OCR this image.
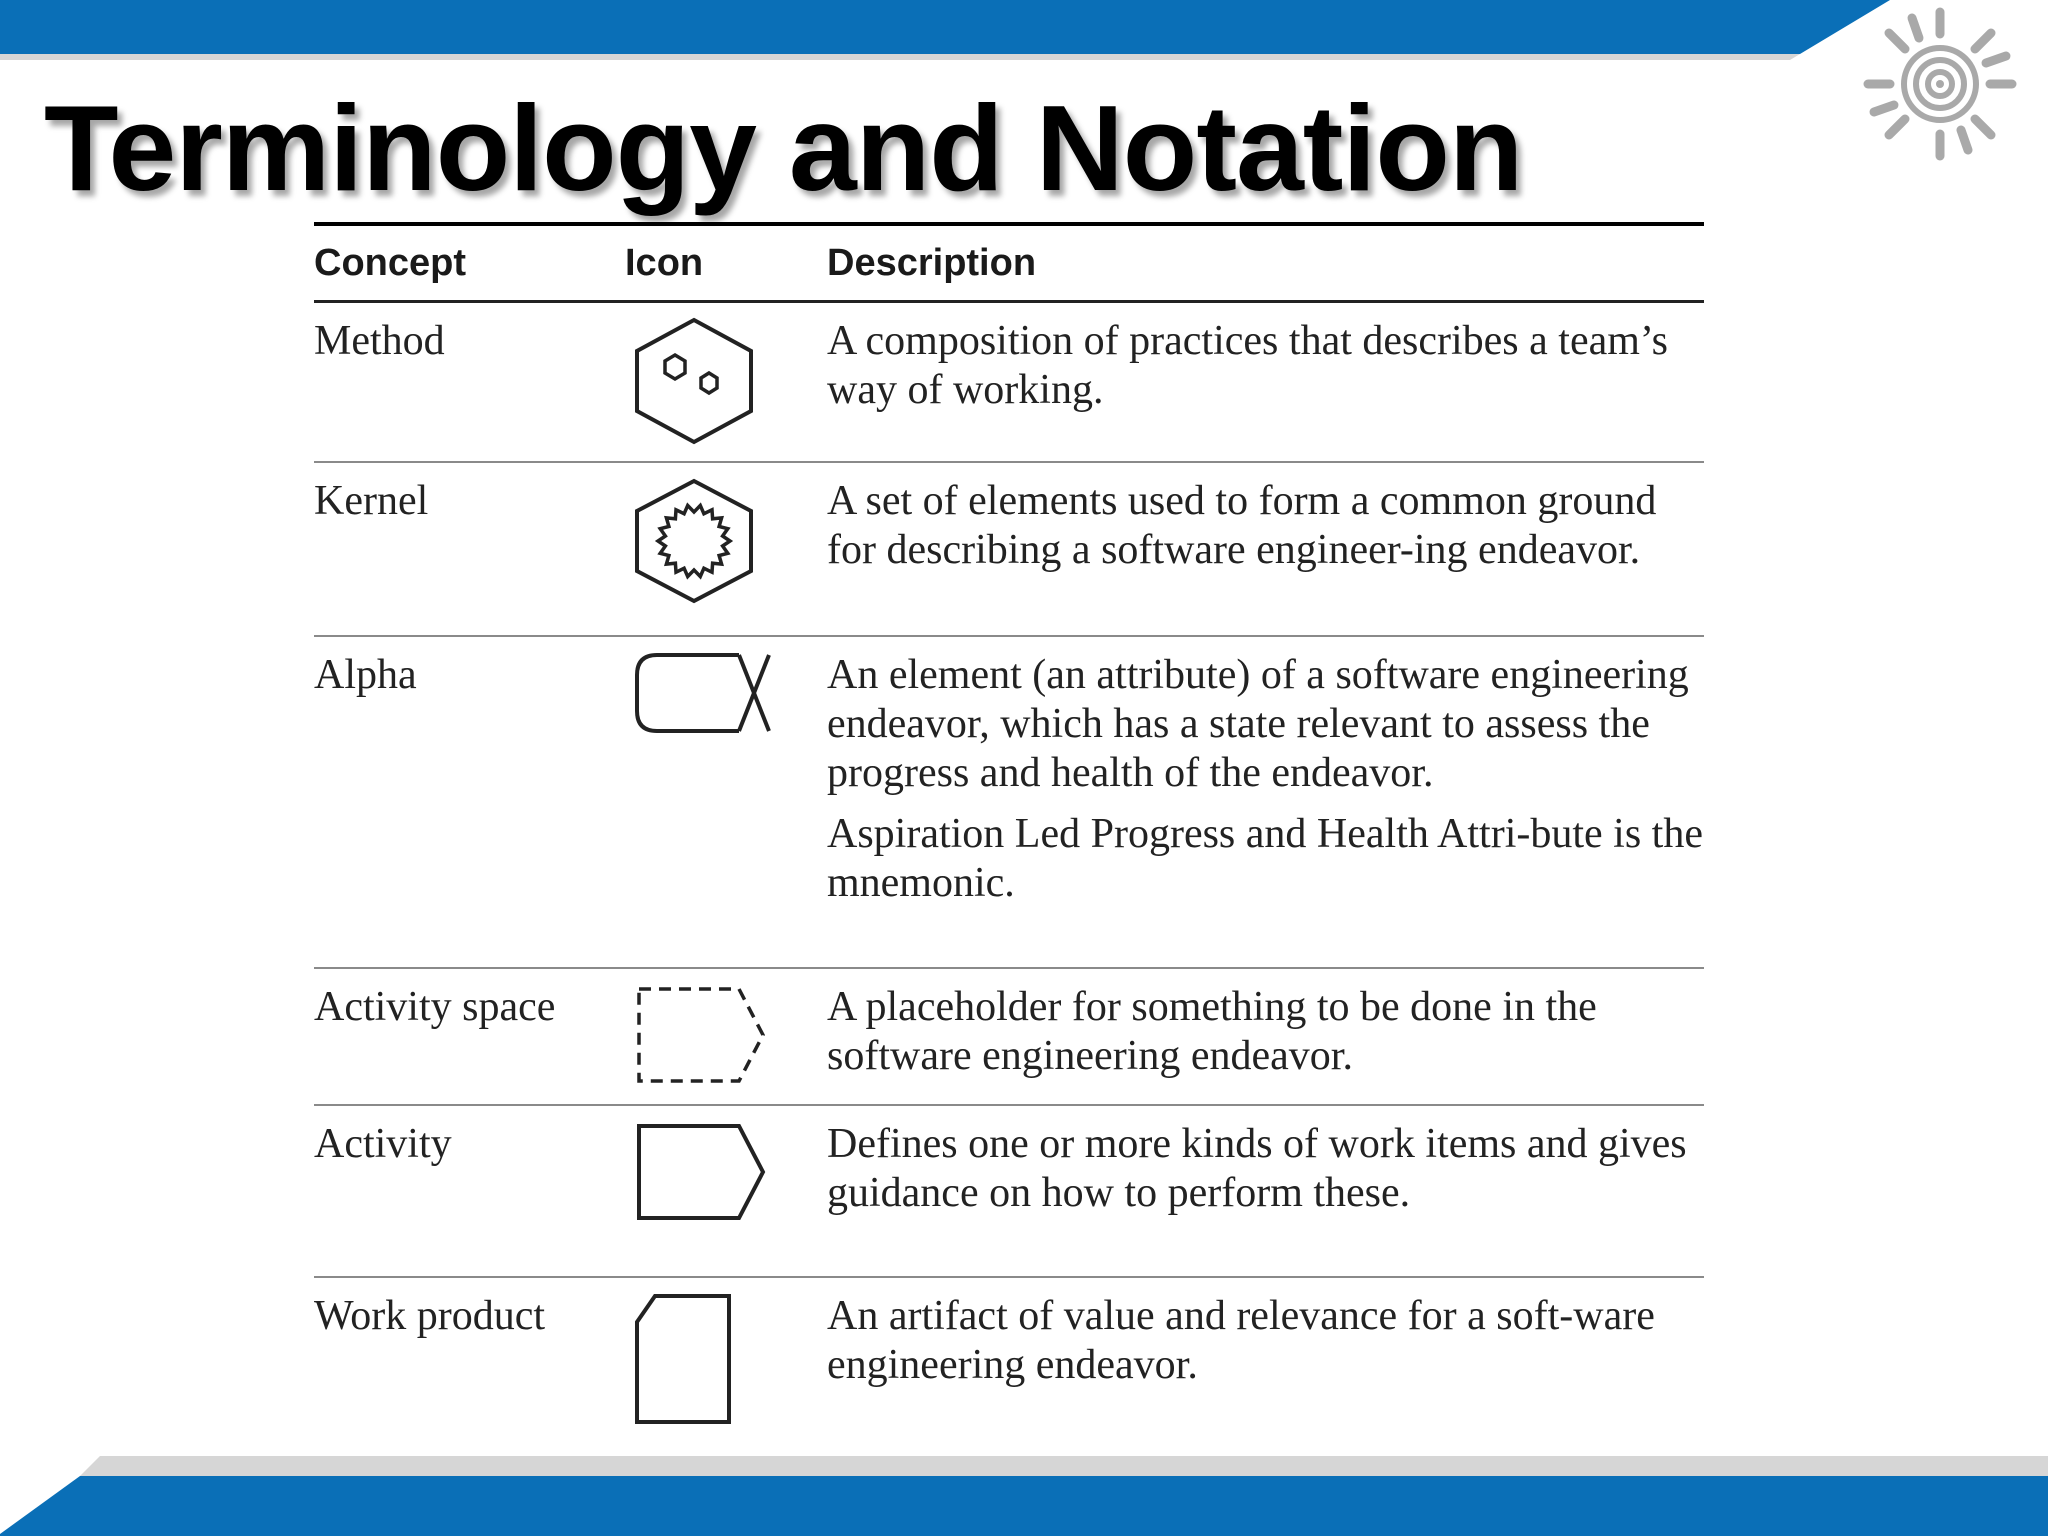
Terminology and Notation
Concept	Icon	Description
Method	A composition of practices that describes a team’s way of working.

Kernel	A set of elements used to form a common ground for describing a software engineer-ing endeavor.

Alpha	An element (an attribute) of a software engineering endeavor, which has a state relevant to assess the progress and health of the endeavor.

Aspiration Led Progress and Health Attri-bute is the mnemonic.

Activity space	A placeholder for something to be done in the software engineering endeavor.

Activity	Defines one or more kinds of work items and gives guidance on how to perform these.

Work product	An artifact of value and relevance for a soft-ware engineering endeavor.
